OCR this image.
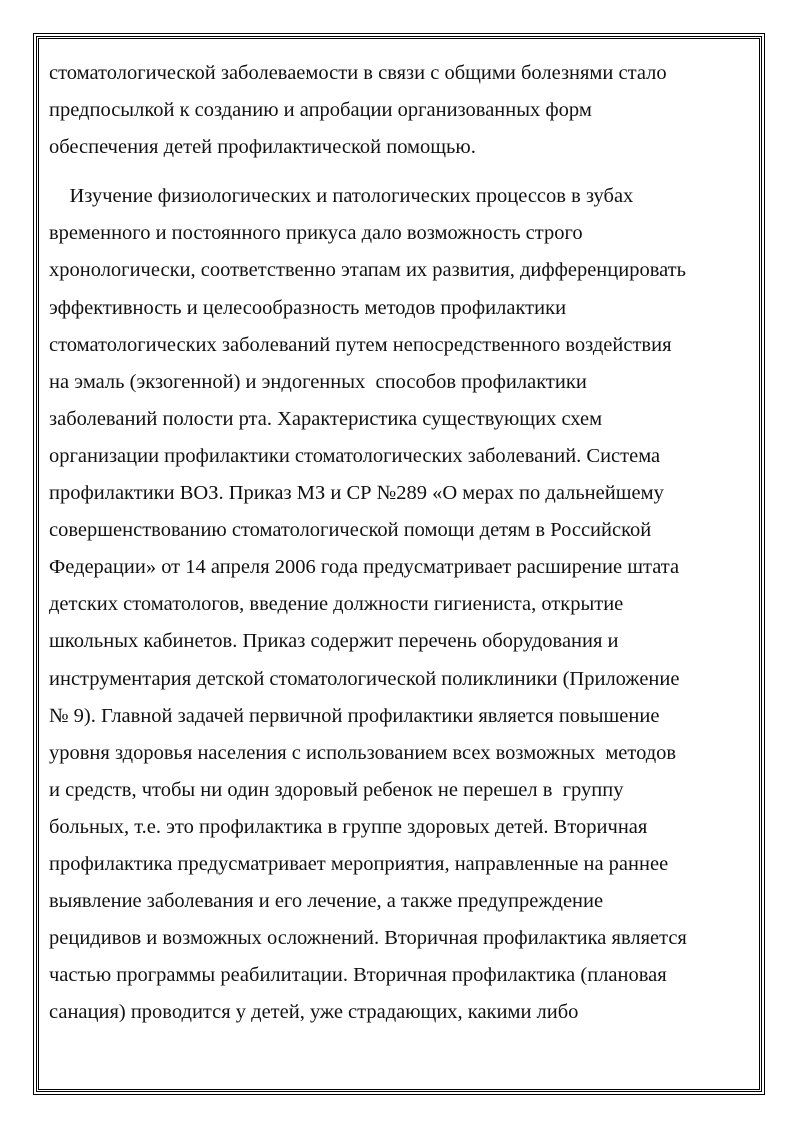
стоматологической заболеваемости в связи с общими болезнями стало
предпосылкой к созданию и апробации организованных форм
обеспечения детей профилактической помощью.
Изучение физиологических и патологических процессов в зубах
временного и постоянного прикуса дало возможность строго
хронологически, соответственно этапам их развития, дифференцировать
эффективность и целесообразность методов профилактики
стоматологических заболеваний путем непосредственного воздействия
на эмаль (экзогенной) и эндогенных  способов профилактики
заболеваний полости рта. Характеристика существующих схем
организации профилактики стоматологических заболеваний. Система
профилактики ВОЗ. Приказ МЗ и СР №289 «О мерах по дальнейшему
совершенствованию стоматологической помощи детям в Российской
Федерации» от 14 апреля 2006 года предусматривает расширение штата
детских стоматологов, введение должности гигиениста, открытие
школьных кабинетов. Приказ содержит перечень оборудования и
инструментария детской стоматологической поликлиники (Приложение
№ 9). Главной задачей первичной профилактики является повышение
уровня здоровья населения с использованием всех возможных  методов
и средств, чтобы ни один здоровый ребенок не перешел в  группу
больных, т.е. это профилактика в группе здоровых детей. Вторичная
профилактика предусматривает мероприятия, направленные на раннее
выявление заболевания и его лечение, а также предупреждение
рецидивов и возможных осложнений. Вторичная профилактика является
частью программы реабилитации. Вторичная профилактика (плановая
санация) проводится у детей, уже страдающих, какими либо
